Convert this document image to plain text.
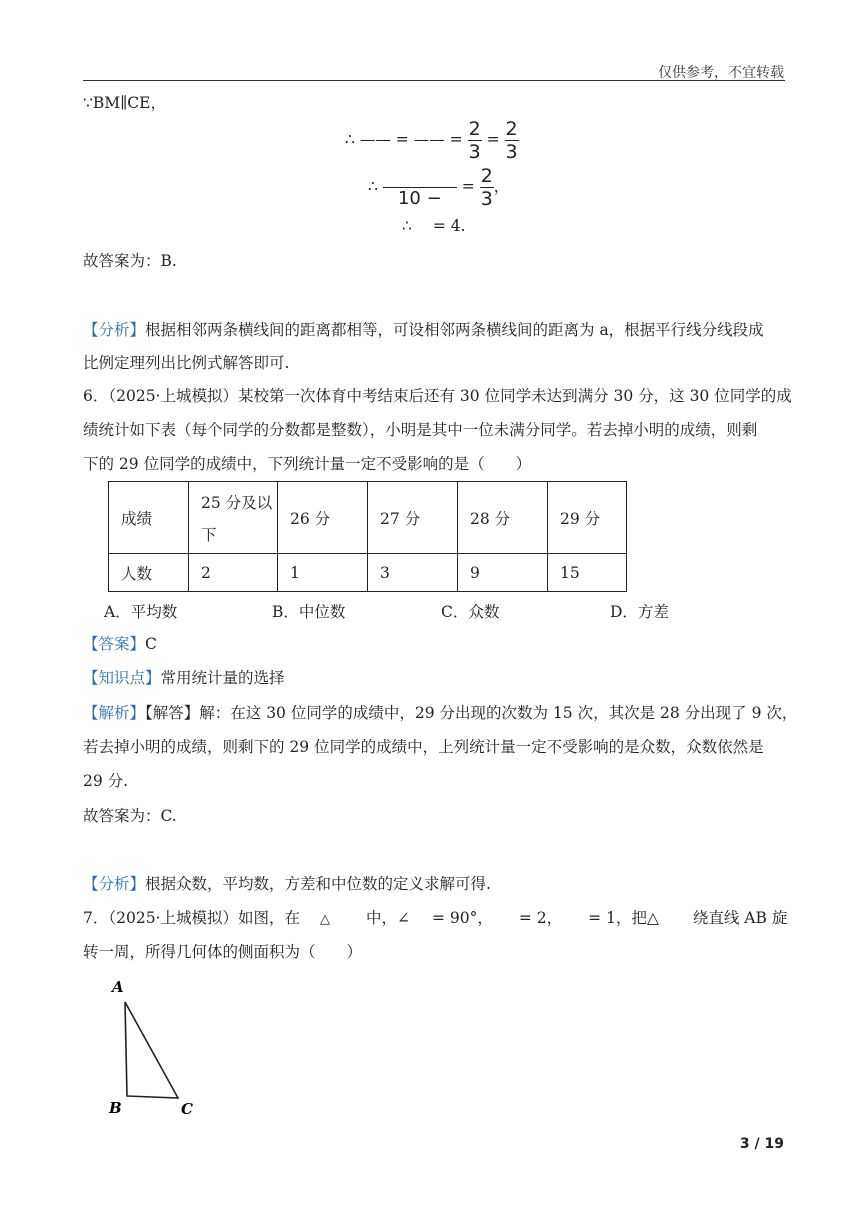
仅供参考，不宜转载
∵BM∥CE，
∴ —— = —— = $\frac{2}{3} = \frac{2}{3}$
∴

10 −
= $\frac{2}{3}$ ，
∴ = 4.
故答案为：B.
【分析】根据相邻两条横线间的距离都相等，可设相邻两条横线间的距离为 a，根据平行线分线段成
比例定理列出比例式解答即可.
6．（2025·上城模拟）某校第一次体育中考结束后还有 30 位同学未达到满分 30 分，这 30 位同学的成
绩统计如下表（每个同学的分数都是整数），小明是其中一位未满分同学。若去掉小明的成绩，则剩
下的 29 位同学的成绩中，下列统计量一定不受影响的是（　　）
成绩	25 分及以下	26 分	27 分	28 分	29 分
人数	2	1	3	9	15
A．平均数	B．中位数	C．众数	D．方差
【答案】C
【知识点】常用统计量的选择
【解析】【解答】解：在这 30 位同学的成绩中，29 分出现的次数为 15 次，其次是 28 分出现了 9 次，
若去掉小明的成绩，则剩下的 29 位同学的成绩中，上列统计量一定不受影响的是众数，众数依然是
29 分.
故答案为：C.
【分析】根据众数，平均数，方差和中位数的定义求解可得.
7．（2025·上城模拟）如图，在 △ 中，∠ = 90°， = 2， = 1，把△ 绕直线 AB 旋
转一周，所得几何体的侧面积为（　　）
A
B	C
3 / 19
